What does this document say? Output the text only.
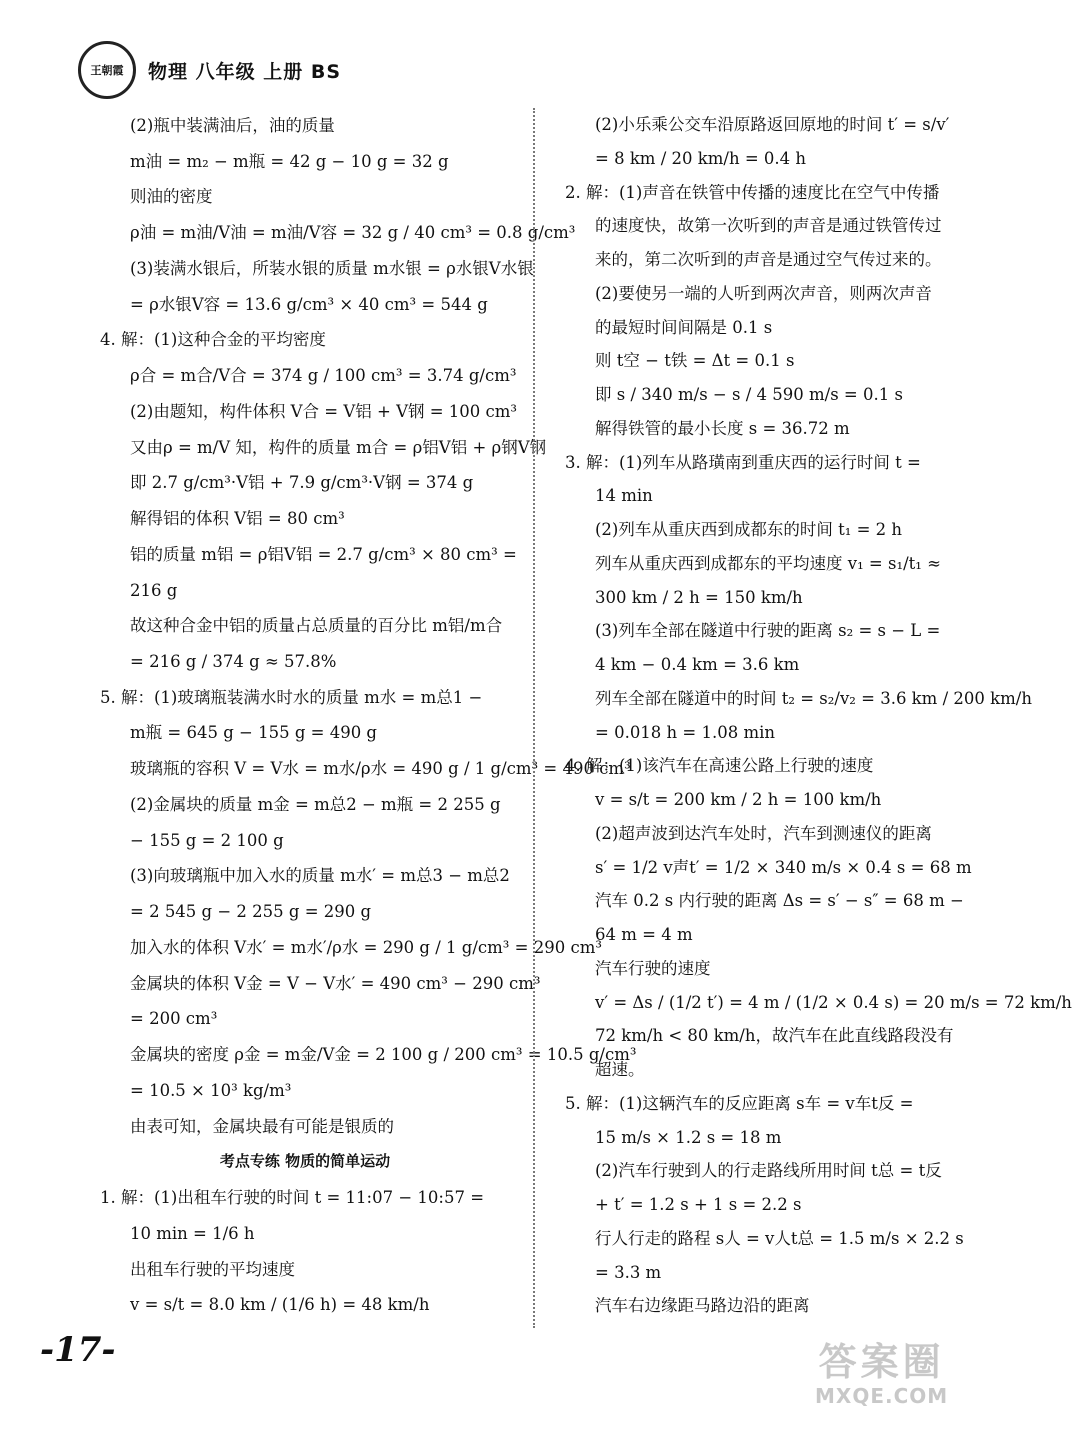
王朝霞 物理 八年级 上册 BS
(2)瓶中装满油后，油的质量
m油 = m₂ − m瓶 = 42 g − 10 g = 32 g
则油的密度
ρ油 = m油/V油 = m油/V容 = 32 g / 40 cm³ = 0.8 g/cm³
(3)装满水银后，所装水银的质量 m水银 = ρ水银V水银
= ρ水银V容 = 13.6 g/cm³ × 40 cm³ = 544 g
4. 解：(1)这种合金的平均密度
ρ合 = m合/V合 = 374 g / 100 cm³ = 3.74 g/cm³
(2)由题知，构件体积 V合 = V铝 + V钢 = 100 cm³
又由ρ = m/V 知，构件的质量 m合 = ρ铝V铝 + ρ钢V钢
即 2.7 g/cm³·V铝 + 7.9 g/cm³·V钢 = 374 g
解得铝的体积 V铝 = 80 cm³
铝的质量 m铝 = ρ铝V铝 = 2.7 g/cm³ × 80 cm³ =
216 g
故这种合金中铝的质量占总质量的百分比 m铝/m合
= 216 g / 374 g ≈ 57.8%
5. 解：(1)玻璃瓶装满水时水的质量 m水 = m总1 −
m瓶 = 645 g − 155 g = 490 g
玻璃瓶的容积 V = V水 = m水/ρ水 = 490 g / 1 g/cm³ = 490 cm³
(2)金属块的质量 m金 = m总2 − m瓶 = 2 255 g
− 155 g = 2 100 g
(3)向玻璃瓶中加入水的质量 m水′ = m总3 − m总2
= 2 545 g − 2 255 g = 290 g
加入水的体积 V水′ = m水′/ρ水 = 290 g / 1 g/cm³ = 290 cm³
金属块的体积 V金 = V − V水′ = 490 cm³ − 290 cm³
= 200 cm³
金属块的密度 ρ金 = m金/V金 = 2 100 g / 200 cm³ = 10.5 g/cm³
= 10.5 × 10³ kg/m³
由表可知，金属块最有可能是银质的
考点专练 物质的简单运动
1. 解：(1)出租车行驶的时间 t = 11:07 − 10:57 =
10 min = 1/6 h
出租车行驶的平均速度
v = s/t = 8.0 km / (1/6 h) = 48 km/h
(2)小乐乘公交车沿原路返回原地的时间 t′ = s/v′
= 8 km / 20 km/h = 0.4 h
2. 解：(1)声音在铁管中传播的速度比在空气中传播
的速度快，故第一次听到的声音是通过铁管传过
来的，第二次听到的声音是通过空气传过来的。
(2)要使另一端的人听到两次声音，则两次声音
的最短时间间隔是 0.1 s
则 t空 − t铁 = Δt = 0.1 s
即 s / 340 m/s − s / 4 590 m/s = 0.1 s
解得铁管的最小长度 s = 36.72 m
3. 解：(1)列车从路璜南到重庆西的运行时间 t =
14 min
(2)列车从重庆西到成都东的时间 t₁ = 2 h
列车从重庆西到成都东的平均速度 v₁ = s₁/t₁ ≈
300 km / 2 h = 150 km/h
(3)列车全部在隧道中行驶的距离 s₂ = s − L =
4 km − 0.4 km = 3.6 km
列车全部在隧道中的时间 t₂ = s₂/v₂ = 3.6 km / 200 km/h
= 0.018 h = 1.08 min
4. 解：(1)该汽车在高速公路上行驶的速度
v = s/t = 200 km / 2 h = 100 km/h
(2)超声波到达汽车处时，汽车到测速仪的距离
s′ = 1/2 v声t′ = 1/2 × 340 m/s × 0.4 s = 68 m
汽车 0.2 s 内行驶的距离 Δs = s′ − s″ = 68 m −
64 m = 4 m
汽车行驶的速度
v′ = Δs / (1/2 t′) = 4 m / (1/2 × 0.4 s) = 20 m/s = 72 km/h
72 km/h < 80 km/h，故汽车在此直线路段没有
超速。
5. 解：(1)这辆汽车的反应距离 s车 = v车t反 =
15 m/s × 1.2 s = 18 m
(2)汽车行驶到人的行走路线所用时间 t总 = t反
+ t′ = 1.2 s + 1 s = 2.2 s
行人行走的路程 s人 = v人t总 = 1.5 m/s × 2.2 s
= 3.3 m
汽车右边缘距马路边沿的距离
-17-	答案圈
MXQE.COM
